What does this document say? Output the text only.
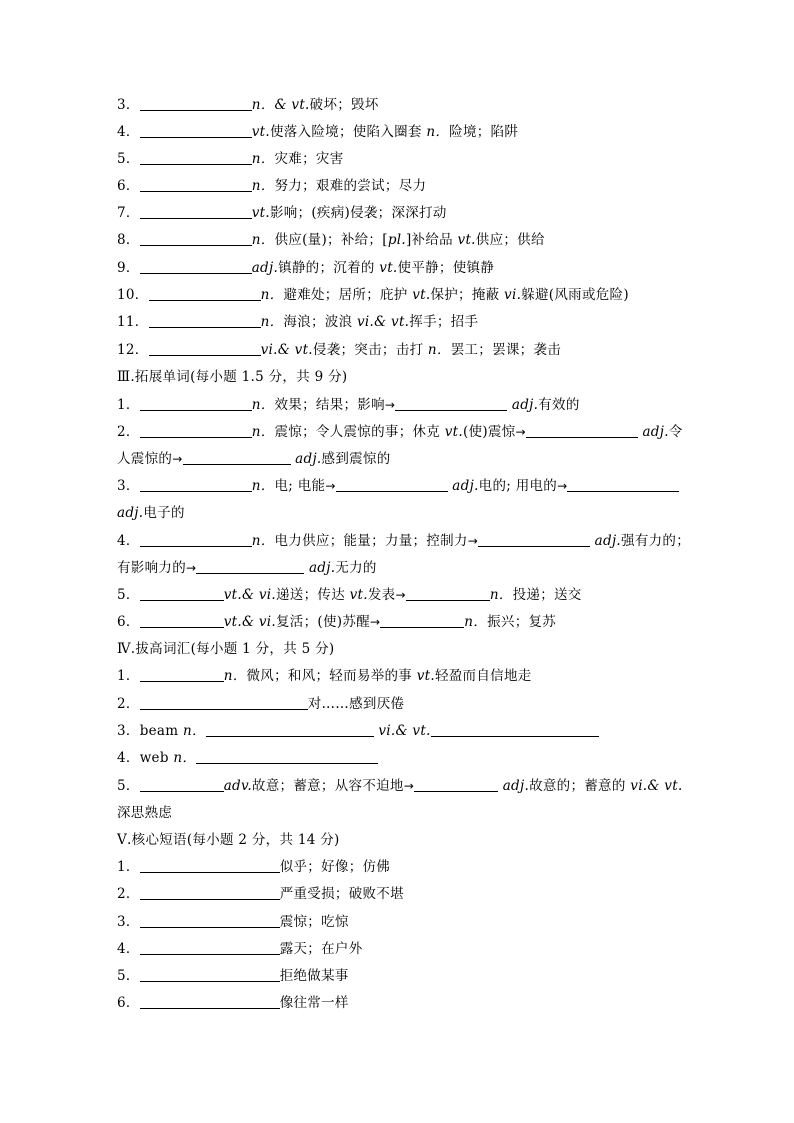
3．	n．& vt.破坏；毁坏
4．	vt.使落入险境；使陷入圈套 n．险境；陷阱
5．	n．灾难；灾害
6．	n．努力；艰难的尝试；尽力
7．	vt.影响；(疾病)侵袭；深深打动
8．	n．供应(量)；补给；[pl.]补给品 vt.供应；供给
9．	adj.镇静的；沉着的 vt.使平静；使镇静
10．	n．避难处；居所；庇护 vt.保护；掩蔽 vi.躲避(风雨或危险)
11．	n．海浪；波浪 vi.& vt.挥手；招手
12．	vi.& vt.侵袭；突击；击打 n．罢工；罢课；袭击
Ⅲ.拓展单词(每小题 1.5 分，共 9 分)
1．	n．效果；结果；影响→	adj.有效的
2．	n．震惊；令人震惊的事；休克 vt.(使)震惊→	adj.令
人震惊的→	adj.感到震惊的
3．	n．电; 电能→	adj.电的; 用电的→
adj.电子的
4．	n．电力供应；能量；力量；控制力→	adj.强有力的；
有影响力的→	adj.无力的
5．	vt.& vi.递送；传达 vt.发表→	n．投递；送交
6．	vt.& vi.复活；(使)苏醒→	n．振兴；复苏
Ⅳ.拔高词汇(每小题 1 分，共 5 分)
1．	n．微风；和风；轻而易举的事 vt.轻盈而自信地走
2．	对……感到厌倦
3．beam n．	vi.& vt.
4．web n．
5．	adv.故意；蓄意；从容不迫地→	adj.故意的；蓄意的 vi.& vt.
深思熟虑
Ⅴ.核心短语(每小题 2 分，共 14 分)
1．	似乎；好像；仿佛
2．	严重受损；破败不堪
3．	震惊；吃惊
4．	露天；在户外
5．	拒绝做某事
6．	像往常一样
